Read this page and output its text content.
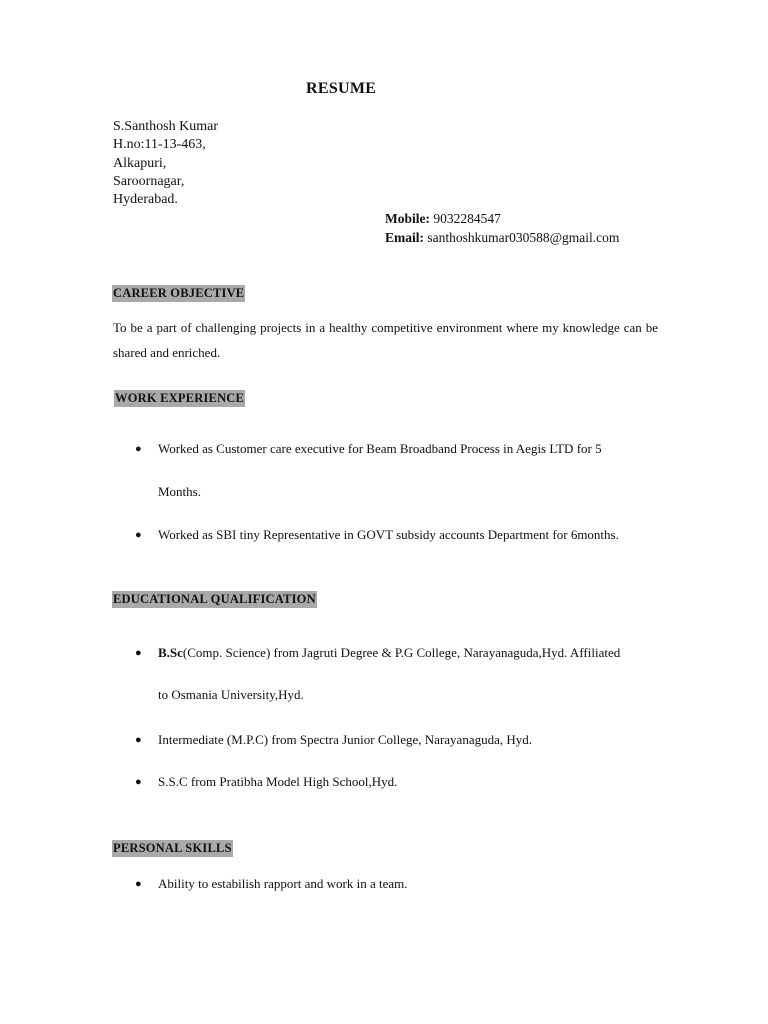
RESUME
S.Santhosh Kumar
H.no:11-13-463,
Alkapuri,
Saroornagar,
Hyderabad.
Mobile: 9032284547
Email: santhoshkumar030588@gmail.com
CAREER OBJECTIVE
To be a part of challenging projects in a healthy competitive environment where my knowledge can be shared and enriched.
WORK EXPERIENCE
● Worked as Customer care executive for Beam Broadband Process in Aegis LTD for 5
Months.
● Worked as SBI tiny Representative in GOVT subsidy accounts Department for 6months.
EDUCATIONAL QUALIFICATION
● B.Sc(Comp. Science) from Jagruti Degree & P.G College, Narayanaguda,Hyd. Affiliated
to Osmania University,Hyd.
● Intermediate (M.P.C) from Spectra Junior College, Narayanaguda, Hyd.
● S.S.C from Pratibha Model High School,Hyd.
PERSONAL SKILLS
● Ability to estabilish rapport and work in a team.
